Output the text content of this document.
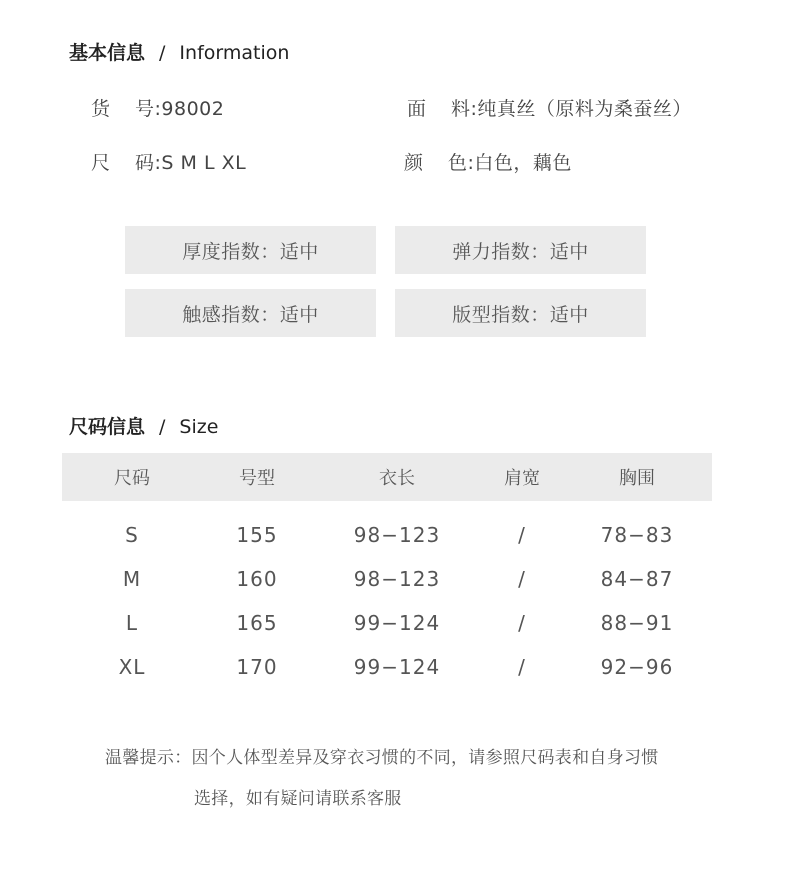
基本信息 / Information
货 号:98002	面 料:纯真丝（原料为桑蚕丝）
尺 码:S M L XL	颜 色:白色，藕色
厚度指数：适中	弹力指数：适中
触感指数：适中	版型指数：适中
尺码信息 / Size
尺码	号型	衣长	肩宽	胸围

S	155	98−123	/	78−83
M	160	98−123	/	84−87
L	165	99−124	/	88−91
XL	170	99−124	/	92−96
温馨提示：因个人体型差异及穿衣习惯的不同，请参照尺码表和自身习惯
选择，如有疑问请联系客服
